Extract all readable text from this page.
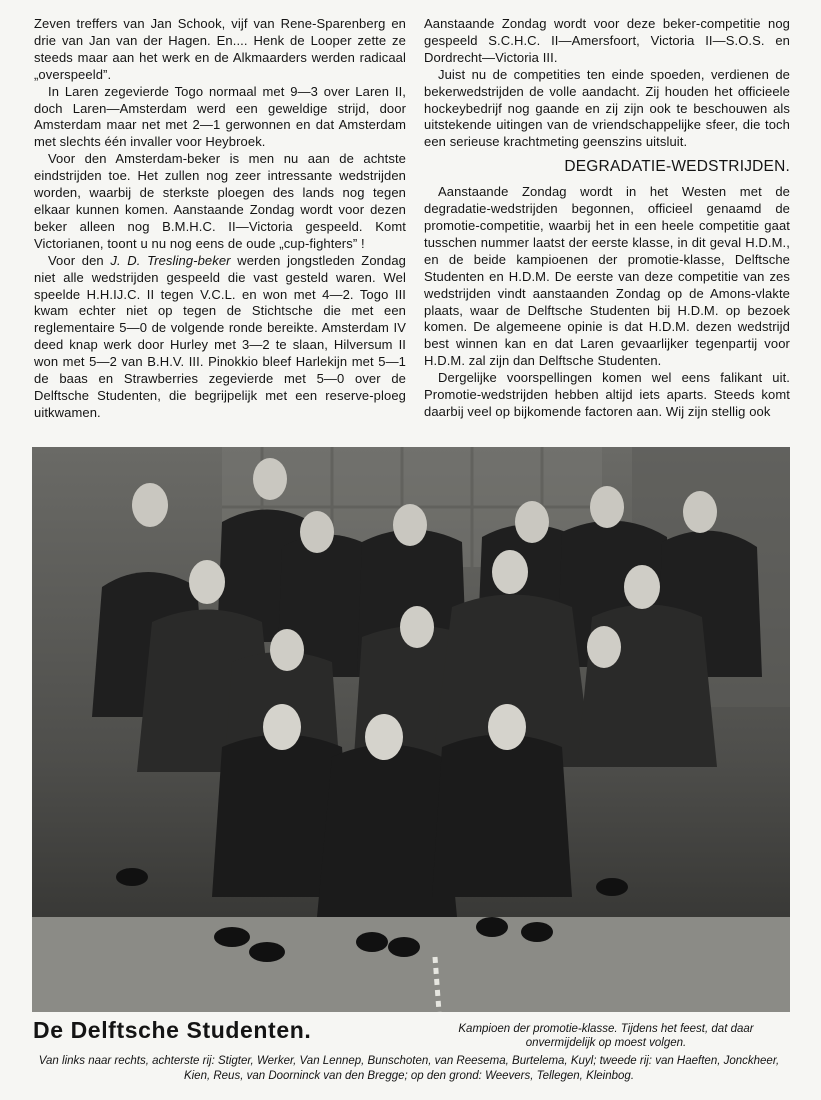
Zeven treffers van Jan Schook, vijf van Rene-Sparenberg en drie van Jan van der Hagen. En.... Henk de Looper zette ze steeds maar aan het werk en de Alkmaarders werden radicaal „overspeeld”.

In Laren zegevierde Togo normaal met 9—3 over Laren II, doch Laren—Amsterdam werd een geweldige strijd, door Amsterdam maar net met 2—1 gerwonnen en dat Amsterdam met slechts één invaller voor Heybroek.

Voor den Amsterdam-beker is men nu aan de achtste eindstrijden toe. Het zullen nog zeer intressante wedstrijden worden, waarbij de sterkste ploegen des lands nog tegen elkaar kunnen komen. Aanstaande Zondag wordt voor dezen beker alleen nog B.M.H.C. II—Victoria gespeeld. Komt Victorianen, toont u nu nog eens de oude „cup-fighters” !

Voor den J. D. Tresling-beker werden jongstleden Zondag niet alle wedstrijden gespeeld die vast gesteld waren. Wel speelde H.H.IJ.C. II tegen V.C.L. en won met 4—2. Togo III kwam echter niet op tegen de Stichtsche die met een reglementaire 5—0 de volgende ronde bereikte. Amsterdam IV deed knap werk door Hurley met 3—2 te slaan, Hilversum II won met 5—2 van B.H.V. III. Pinokkio bleef Harlekijn met 5—1 de baas en Strawberries zegevierde met 5—0 over de Delftsche Studenten, die begrijpelijk met een reserve-ploeg uitkwamen.

Aanstaande Zondag wordt voor deze beker-competitie nog gespeeld S.C.H.C. II—Amersfoort, Victoria II—S.O.S. en Dordrecht—Victoria III.

Juist nu de competities ten einde spoeden, verdienen de bekerwedstrijden de volle aandacht. Zij houden het officieele hockeybedrijf nog gaande en zij zijn ook te beschouwen als uitstekende uitingen van de vriendschappelijke sfeer, die toch een serieuse krachtmeting geenszins uitsluit.

DEGRADATIE-WEDSTRIJDEN.

Aanstaande Zondag wordt in het Westen met de degradatie-wedstrijden begonnen, officieel genaamd de promotie-competitie, waarbij het in een heele competitie gaat tusschen nummer laatst der eerste klasse, in dit geval H.D.M., en de beide kampioenen der promotie-klasse, Delftsche Studenten en H.D.M. De eerste van deze competitie van zes wedstrijden vindt aanstaanden Zondag op de Amons-vlakte plaats, waar de Delftsche Studenten bij H.D.M. op bezoek komen. De algemeene opinie is dat H.D.M. dezen wedstrijd best winnen kan en dat Laren gevaarlijker tegenpartij voor H.D.M. zal zijn dan Delftsche Studenten.

Dergelijke voorspellingen komen wel eens falikant uit. Promotie-wedstrijden hebben altijd iets aparts. Steeds komt daarbij veel op bijkomende factoren aan. Wij zijn stellig ook

De Delftsche Studenten.	Kampioen der promotie-klasse. Tijdens het feest, dat daar onvermijdelijk op moest volgen.
Van links naar rechts, achterste rij: Stigter, Werker, Van Lennep, Bunschoten, van Reesema, Burtelema, Kuyl; tweede rij: van Haeften, Jonckheer, Kien, Reus, van Doorninck van den Bregge; op den grond: Weevers, Tellegen, Kleinbog.
